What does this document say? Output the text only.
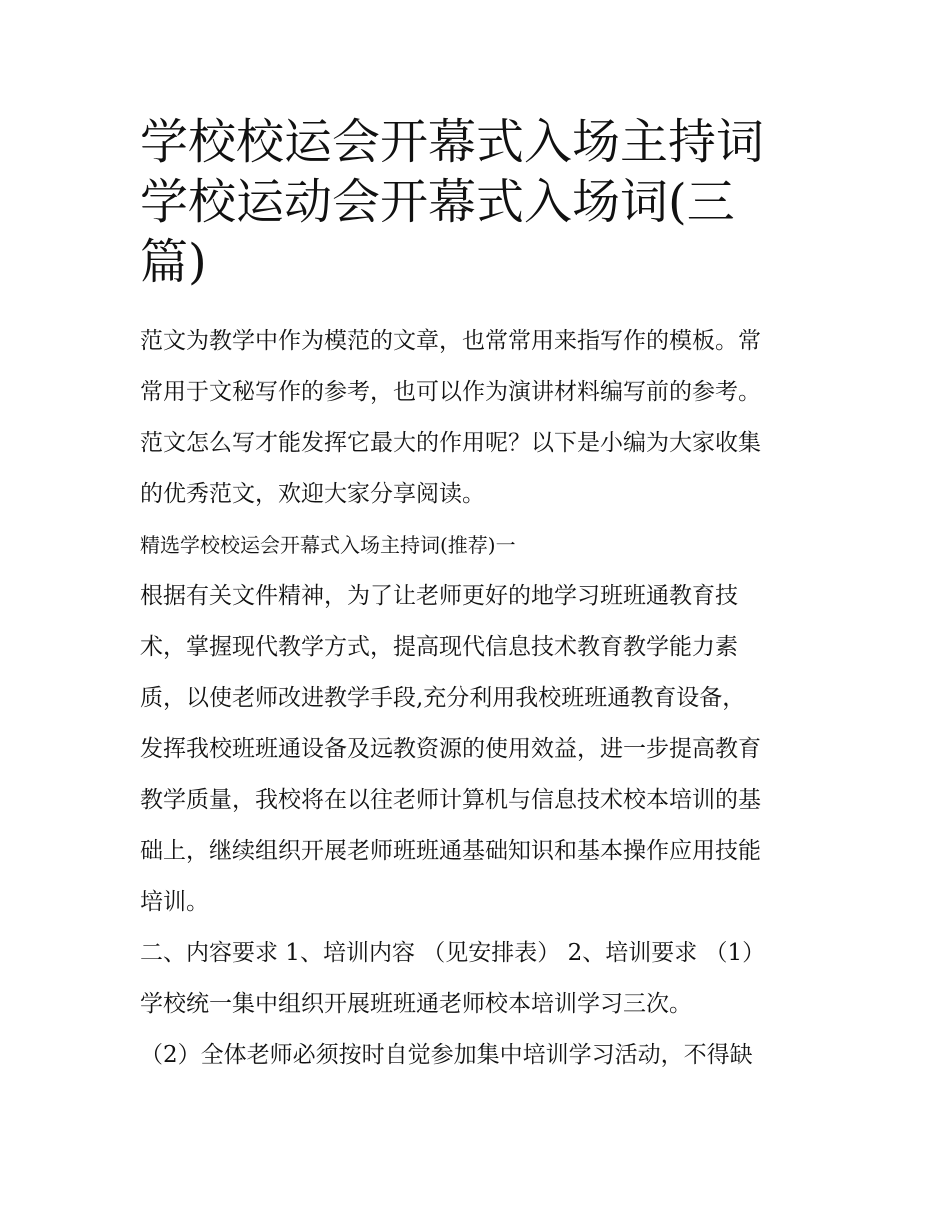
学校校运会开幕式入场主持词
学校运动会开幕式入场词(三
篇)
范文为教学中作为模范的文章，也常常用来指写作的模板。常
常用于文秘写作的参考，也可以作为演讲材料编写前的参考。
范文怎么写才能发挥它最大的作用呢？以下是小编为大家收集
的优秀范文，欢迎大家分享阅读。
精选学校校运会开幕式入场主持词(推荐)一
根据有关文件精神，为了让老师更好的地学习班班通教育技
术，掌握现代教学方式，提高现代信息技术教育教学能力素
质，以使老师改进教学手段,充分利用我校班班通教育设备，
发挥我校班班通设备及远教资源的使用效益，进一步提高教育
教学质量，我校将在以往老师计算机与信息技术校本培训的基
础上，继续组织开展老师班班通基础知识和基本操作应用技能
培训。
二、内容要求 1、培训内容 （见安排表） 2、培训要求 （1）
学校统一集中组织开展班班通老师校本培训学习三次。
（2）全体老师必须按时自觉参加集中培训学习活动，不得缺
